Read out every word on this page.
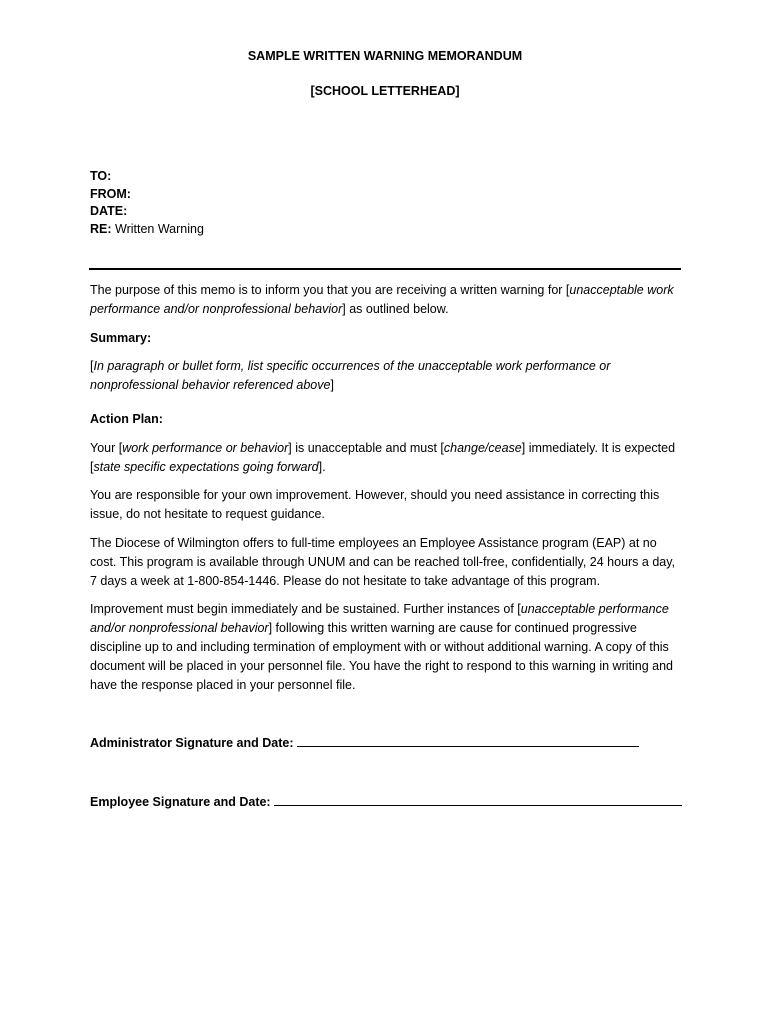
SAMPLE WRITTEN WARNING MEMORANDUM
[SCHOOL LETTERHEAD]
TO:
FROM:
DATE:
RE: Written Warning

The purpose of this memo is to inform you that you are receiving a written warning for [unacceptable work performance and/or nonprofessional behavior] as outlined below.

Summary:

[In paragraph or bullet form, list specific occurrences of the unacceptable work performance or nonprofessional behavior referenced above]

Action Plan:

Your [work performance or behavior] is unacceptable and must [change/cease] immediately. It is expected [state specific expectations going forward].

You are responsible for your own improvement. However, should you need assistance in correcting this issue, do not hesitate to request guidance.

The Diocese of Wilmington offers to full-time employees an Employee Assistance program (EAP) at no cost. This program is available through UNUM and can be reached toll-free, confidentially, 24 hours a day, 7 days a week at 1-800-854-1446. Please do not hesitate to take advantage of this program.

Improvement must begin immediately and be sustained. Further instances of [unacceptable performance and/or nonprofessional behavior] following this written warning are cause for continued progressive discipline up to and including termination of employment with or without additional warning. A copy of this document will be placed in your personnel file. You have the right to respond to this warning in writing and have the response placed in your personnel file.

Administrator Signature and Date:
Employee Signature and Date:
